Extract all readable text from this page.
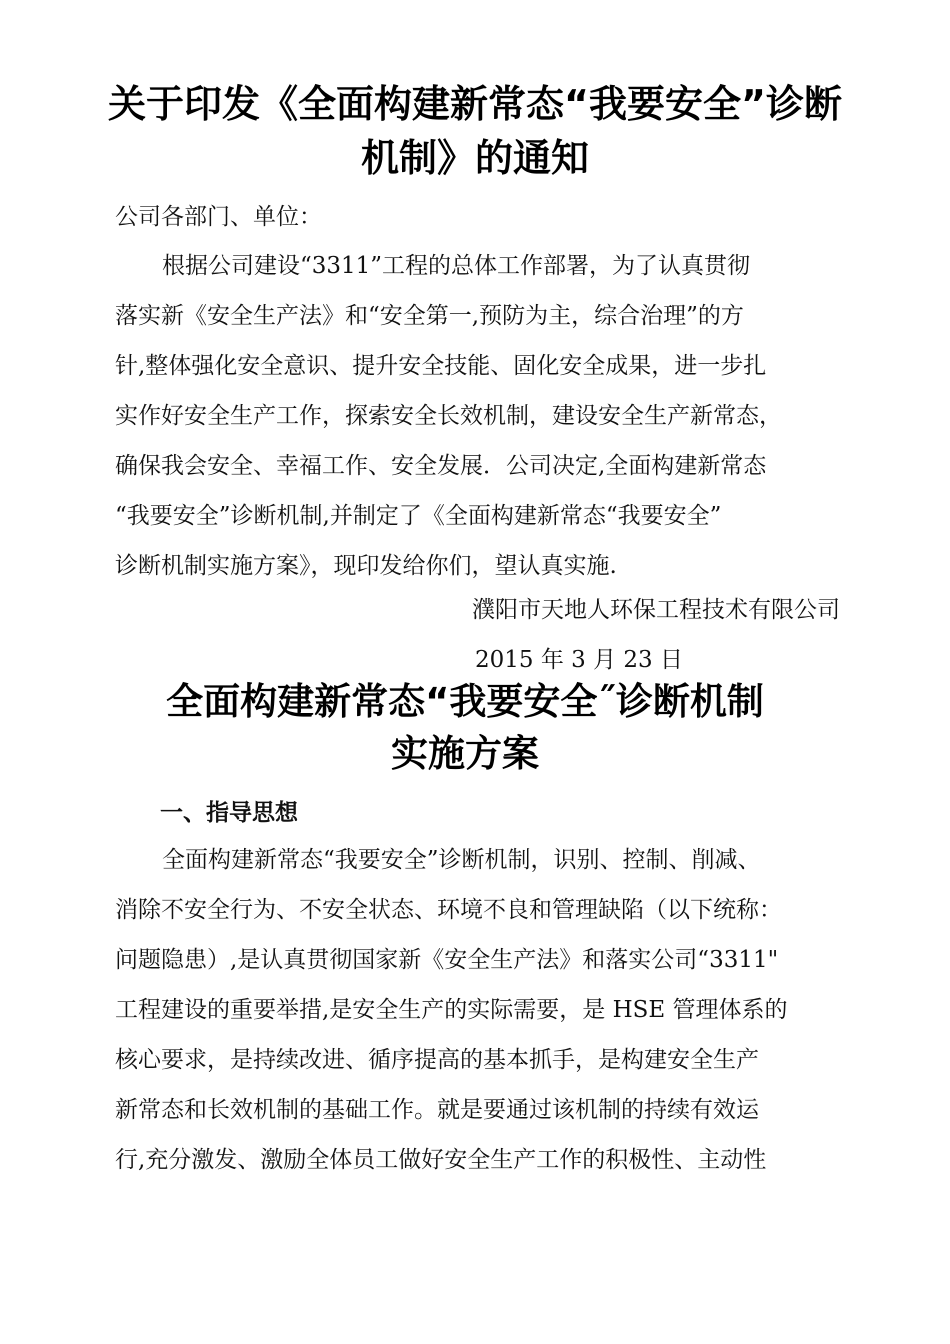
关于印发《全面构建新常态“我要安全”诊断
机制》的通知
公司各部门、单位：
根据公司建设“3311”工程的总体工作部署，为了认真贯彻
落实新《安全生产法》和“安全第一,预防为主，综合治理”的方
针,整体强化安全意识、提升安全技能、固化安全成果，进一步扎
实作好安全生产工作，探索安全长效机制，建设安全生产新常态，
确保我会安全、幸福工作、安全发展．公司决定,全面构建新常态
“我要安全”诊断机制,并制定了《全面构建新常态“我要安全”
诊断机制实施方案》，现印发给你们，望认真实施.
濮阳市天地人环保工程技术有限公司
2015 年 3 月 23 日
全面构建新常态“我要安全˝诊断机制
实施方案
一、指导思想
全面构建新常态“我要安全”诊断机制，识别、控制、削减、
消除不安全行为、不安全状态、环境不良和管理缺陷（以下统称：
问题隐患）,是认真贯彻国家新《安全生产法》和落实公司“3311"
工程建设的重要举措,是安全生产的实际需要，是 HSE 管理体系的
核心要求，是持续改进、循序提高的基本抓手，是构建安全生产
新常态和长效机制的基础工作。就是要通过该机制的持续有效运
行,充分激发、激励全体员工做好安全生产工作的积极性、主动性
